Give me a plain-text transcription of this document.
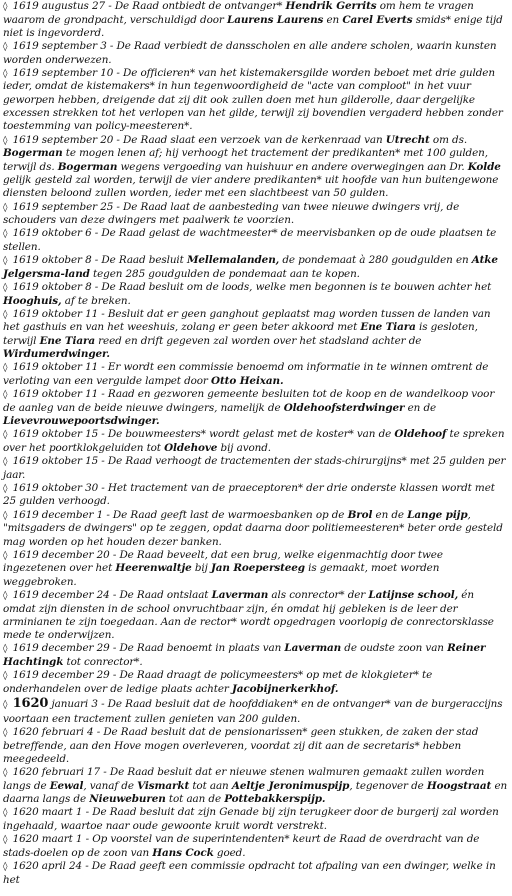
◊ 1619 augustus 27 - De Raad ontbiedt de ontvanger* Hendrik Gerrits om hem te vragen waarom de grondpacht, verschuldigd door Laurens Laurens en Carel Everts smids* enige tijd niet is ingevorderd.

◊ 1619 september 3 - De Raad verbiedt de dansscholen en alle andere scholen, waarin kunsten worden onderwezen.

◊ 1619 september 10 - De officieren* van het kistemakersgilde worden beboet met drie gulden ieder, omdat de kistemakers* in hun tegenwoordigheid de "acte van comploot" in het vuur geworpen hebben, dreigende dat zij dit ook zullen doen met hun gilderolle, daar dergelijke excessen strekken tot het verlopen van het gilde, terwijl zij bovendien vergaderd hebben zonder toestemming van policy-meesteren*.

◊ 1619 september 20 - De Raad slaat een verzoek van de kerkenraad van Utrecht om ds. Bogerman te mogen lenen af; hij verhoogt het tractement der predikanten* met 100 gulden, terwijl ds. Bogerman wegens vergoeding van huishuur en andere overwegingen aan Dr. Kolde gelijk gesteld zal worden, terwijl de vier andere predikanten* uit hoofde van hun buitengewone diensten beloond zullen worden, ieder met een slachtbeest van 50 gulden.

◊ 1619 september 25 - De Raad laat de aanbesteding van twee nieuwe dwingers vrij, de schouders van deze dwingers met paalwerk te voorzien.

◊ 1619 oktober 6 - De Raad gelast de wachtmeester* de meervisbanken op de oude plaatsen te stellen.

◊ 1619 oktober 8 - De Raad besluit Mellemalanden, de pondemaat à 280 goudgulden en Atke Jelgersma-land tegen 285 goudgulden de pondemaat aan te kopen.

◊ 1619 oktober 8 - De Raad besluit om de loods, welke men begonnen is te bouwen achter het Hooghuis, af te breken.

◊ 1619 oktober 11 - Besluit dat er geen ganghout geplaatst mag worden tussen de landen van het gasthuis en van het weeshuis, zolang er geen beter akkoord met Ene Tiara is gesloten, terwijl Ene Tiara reed en drift gegeven zal worden over het stadsland achter de Wirdumerdwinger.

◊ 1619 oktober 11 - Er wordt een commissie benoemd om informatie in te winnen omtrent de verloting van een vergulde lampet door Otto Heixan.

◊ 1619 oktober 11 - Raad en gezworen gemeente besluiten tot de koop en de wandelkoop voor de aanleg van de beide nieuwe dwingers, namelijk de Oldehoofsterdwinger en de Lievevrouwepoortsdwinger.

◊ 1619 oktober 15 - De bouwmeesters* wordt gelast met de koster* van de Oldehoof te spreken over het poortklokgeluiden tot Oldehove bij avond.

◊ 1619 oktober 15 - De Raad verhoogt de tractementen der stads-chirurgijns* met 25 gulden per jaar.

◊ 1619 oktober 30 - Het tractement van de praeceptoren* der drie onderste klassen wordt met 25 gulden verhoogd.

◊ 1619 december 1 - De Raad geeft last de warmoesbanken op de Brol en de Lange pijp, "mitsgaders de dwingers" op te zeggen, opdat daarna door politiemeesteren* beter orde gesteld mag worden op het houden dezer banken.

◊ 1619 december 20 - De Raad beveelt, dat een brug, welke eigenmachtig door twee ingezetenen over het Heerenwaltje bij Jan Roepersteeg is gemaakt, moet worden weggebroken.

◊ 1619 december 24 - De Raad ontslaat Laverman als conrector* der Latijnse school, én omdat zijn diensten in de school onvruchtbaar zijn, én omdat hij gebleken is de leer der arminianen te zijn toegedaan. Aan de rector* wordt opgedragen voorlopig de conrectorsklasse mede te onderwijzen.

◊ 1619 december 29 - De Raad benoemt in plaats van Laverman de oudste zoon van Reiner Hachtingk tot conrector*.

◊ 1619 december 29 - De Raad draagt de policymeesters* op met de klokgieter* te onderhandelen over de ledige plaats achter Jacobijnerkerkhof.

◊ 1620 januari 3 - De Raad besluit dat de hoofddiaken* en de ontvanger* van de burgeraccijns voortaan een tractement zullen genieten van 200 gulden.

◊ 1620 februari 4 - De Raad besluit dat de pensionarissen* geen stukken, de zaken der stad betreffende, aan den Hove mogen overleveren, voordat zij dit aan de secretaris* hebben meegedeeld.

◊ 1620 februari 17 - De Raad besluit dat er nieuwe stenen walmuren gemaakt zullen worden langs de Eewal, vanaf de Vismarkt tot aan Aeltje Jeronimuspijp, tegenover de Hoogstraat en daarna langs de Nieuweburen tot aan de Pottebakkerspijp.

◊ 1620 maart 1 - De Raad besluit dat zijn Genade bij zijn terugkeer door de burgerij zal worden ingehaald, waartoe naar oude gewoonte kruit wordt verstrekt.

◊ 1620 maart 1 - Op voorstel van de superintendenten* keurt de Raad de overdracht van de stads-doelen op de zoon van Hans Cock goed.

◊ 1620 april 24 - De Raad geeft een commissie opdracht tot afpaling van een dwinger, welke in het
